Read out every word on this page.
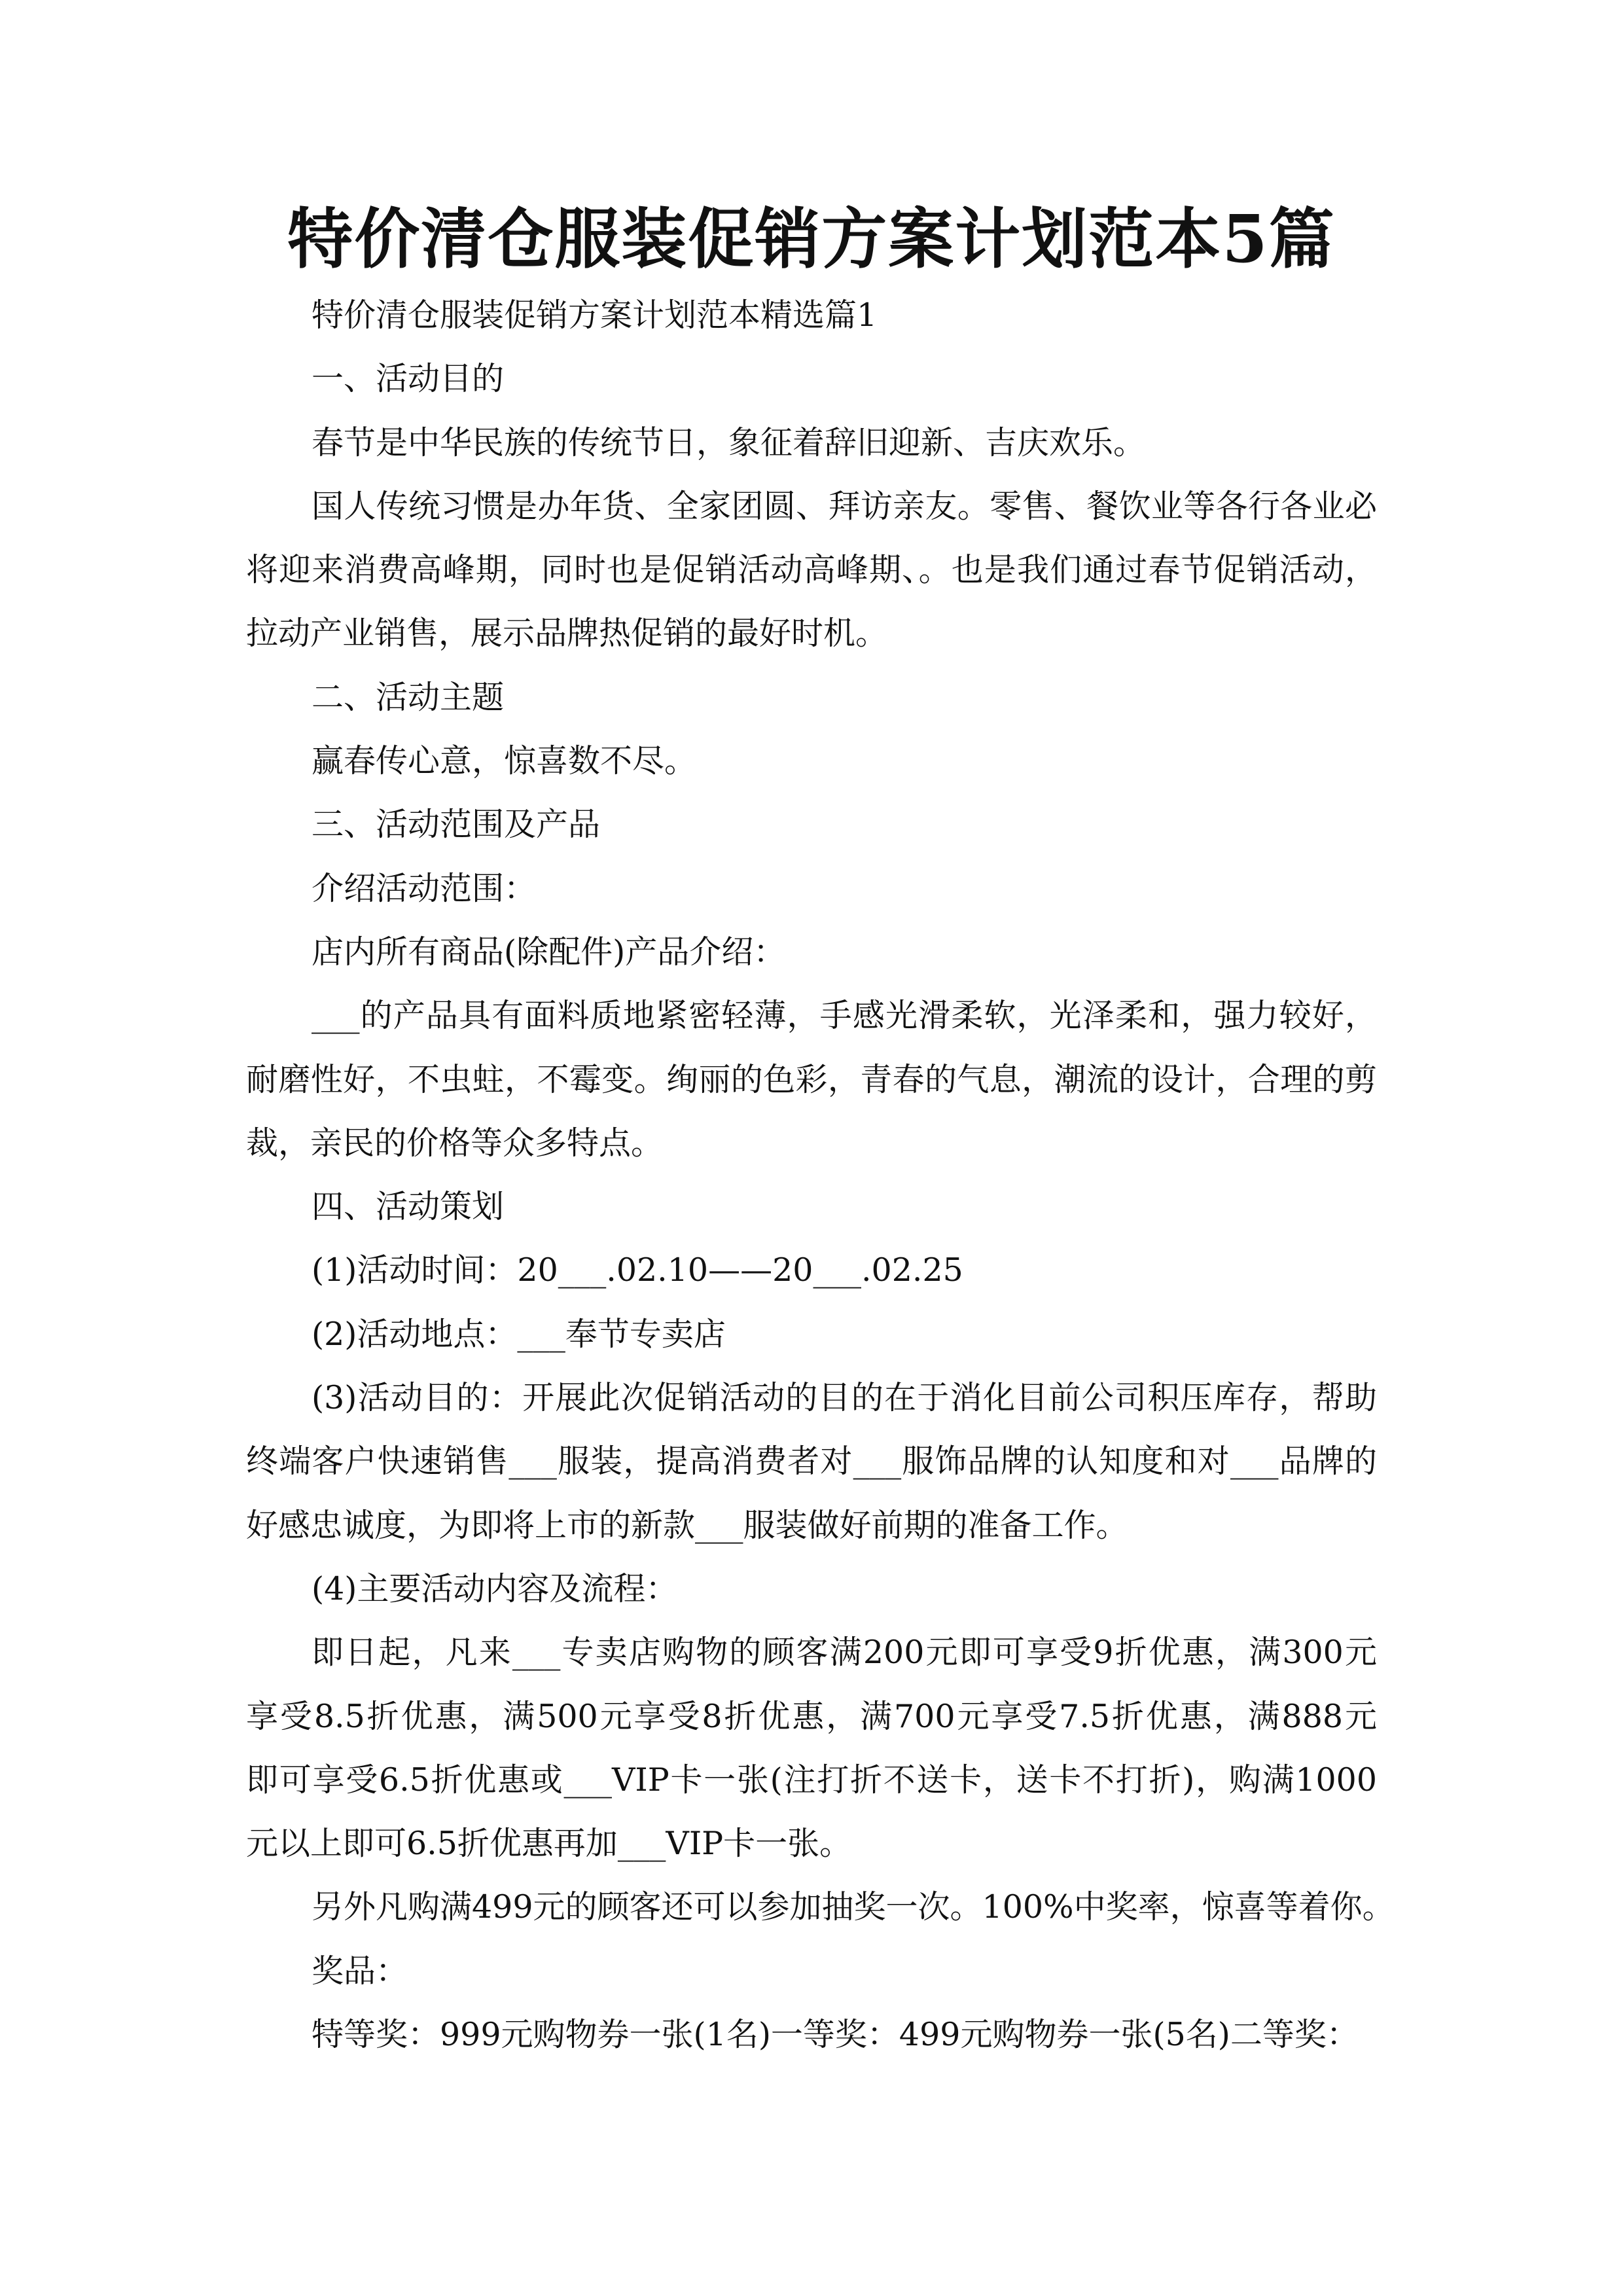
特价清仓服装促销方案计划范本5篇
特价清仓服装促销方案计划范本精选篇1
一、活动目的
春节是中华民族的传统节日，象征着辞旧迎新、吉庆欢乐。
国人传统习惯是办年货、全家团圆、拜访亲友。零售、餐饮业等各行各业必
将迎来消费高峰期，同时也是促销活动高峰期、。也是我们通过春节促销活动，
拉动产业销售，展示品牌热促销的最好时机。
二、活动主题
赢春传心意，惊喜数不尽。
三、活动范围及产品
介绍活动范围：
店内所有商品(除配件)产品介绍：
___的产品具有面料质地紧密轻薄，手感光滑柔软，光泽柔和，强力较好，
耐磨性好，不虫蛀，不霉变。绚丽的色彩，青春的气息，潮流的设计，合理的剪
裁，亲民的价格等众多特点。
四、活动策划
(1)活动时间：20___.02.10——20___.02.25
(2)活动地点：___奉节专卖店
(3)活动目的：开展此次促销活动的目的在于消化目前公司积压库存，帮助
终端客户快速销售___服装，提高消费者对___服饰品牌的认知度和对___品牌的
好感忠诚度，为即将上市的新款___服装做好前期的准备工作。
(4)主要活动内容及流程：
即日起，凡来___专卖店购物的顾客满200元即可享受9折优惠，满300元
享受8.5折优惠，满500元享受8折优惠，满700元享受7.5折优惠，满888元
即可享受6.5折优惠或___VIP卡一张(注打折不送卡，送卡不打折)，购满1000
元以上即可6.5折优惠再加___VIP卡一张。
另外凡购满499元的顾客还可以参加抽奖一次。100%中奖率，惊喜等着你。
奖品：
特等奖：999元购物券一张(1名)一等奖：499元购物券一张(5名)二等奖：
